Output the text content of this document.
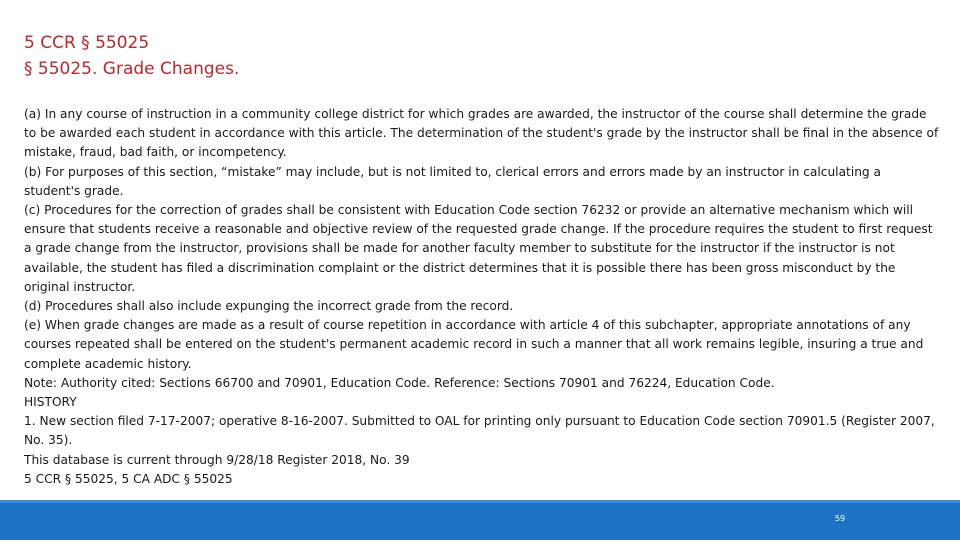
5 CCR § 55025
§ 55025. Grade Changes.

(a) In any course of instruction in a community college district for which grades are awarded, the instructor of the course shall determine the grade to be awarded each student in accordance with this article. The determination of the student's grade by the instructor shall be final in the absence of mistake, fraud, bad faith, or incompetency.

(b) For purposes of this section, “mistake” may include, but is not limited to, clerical errors and errors made by an instructor in calculating a student's grade.

(c) Procedures for the correction of grades shall be consistent with Education Code section 76232 or provide an alternative mechanism which will ensure that students receive a reasonable and objective review of the requested grade change. If the procedure requires the student to first request a grade change from the instructor, provisions shall be made for another faculty member to substitute for the instructor if the instructor is not available, the student has filed a discrimination complaint or the district determines that it is possible there has been gross misconduct by the original instructor.

(d) Procedures shall also include expunging the incorrect grade from the record.

(e) When grade changes are made as a result of course repetition in accordance with article 4 of this subchapter, appropriate annotations of any courses repeated shall be entered on the student's permanent academic record in such a manner that all work remains legible, insuring a true and complete academic history.

Note: Authority cited: Sections 66700 and 70901, Education Code. Reference: Sections 70901 and 76224, Education Code.

HISTORY

1. New section filed 7-17-2007; operative 8-16-2007. Submitted to OAL for printing only pursuant to Education Code section 70901.5 (Register 2007, No. 35).

This database is current through 9/28/18 Register 2018, No. 39

5 CCR § 55025, 5 CA ADC § 55025

59
